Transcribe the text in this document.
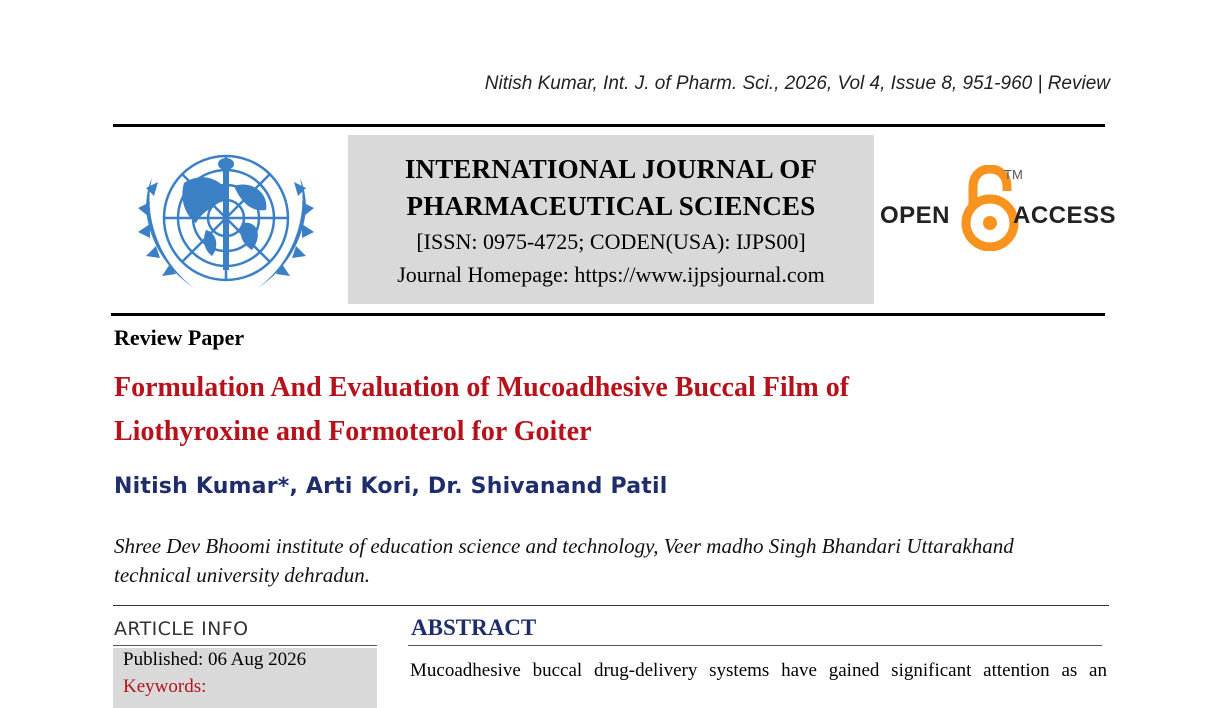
Nitish Kumar, Int. J. of Pharm. Sci., 2026, Vol 4, Issue 8, 951-960 | Review
INTERNATIONAL JOURNAL OF
PHARMACEUTICAL SCIENCES
[ISSN: 0975-4725; CODEN(USA): IJPS00]
Journal Homepage: https://www.ijpsjournal.com
OPEN
TM
ACCESS
Review Paper
Formulation And Evaluation of Mucoadhesive Buccal Film of
Liothyroxine and Formoterol for Goiter
Nitish Kumar*, Arti Kori, Dr. Shivanand Patil
Shree Dev Bhoomi institute of education science and technology, Veer madho Singh Bhandari Uttarakhand
technical university dehradun.
ARTICLE INFO
Published: 06 Aug 2026
Keywords:
ABSTRACT
Mucoadhesive buccal drug-delivery systems have gained significant attention as an
